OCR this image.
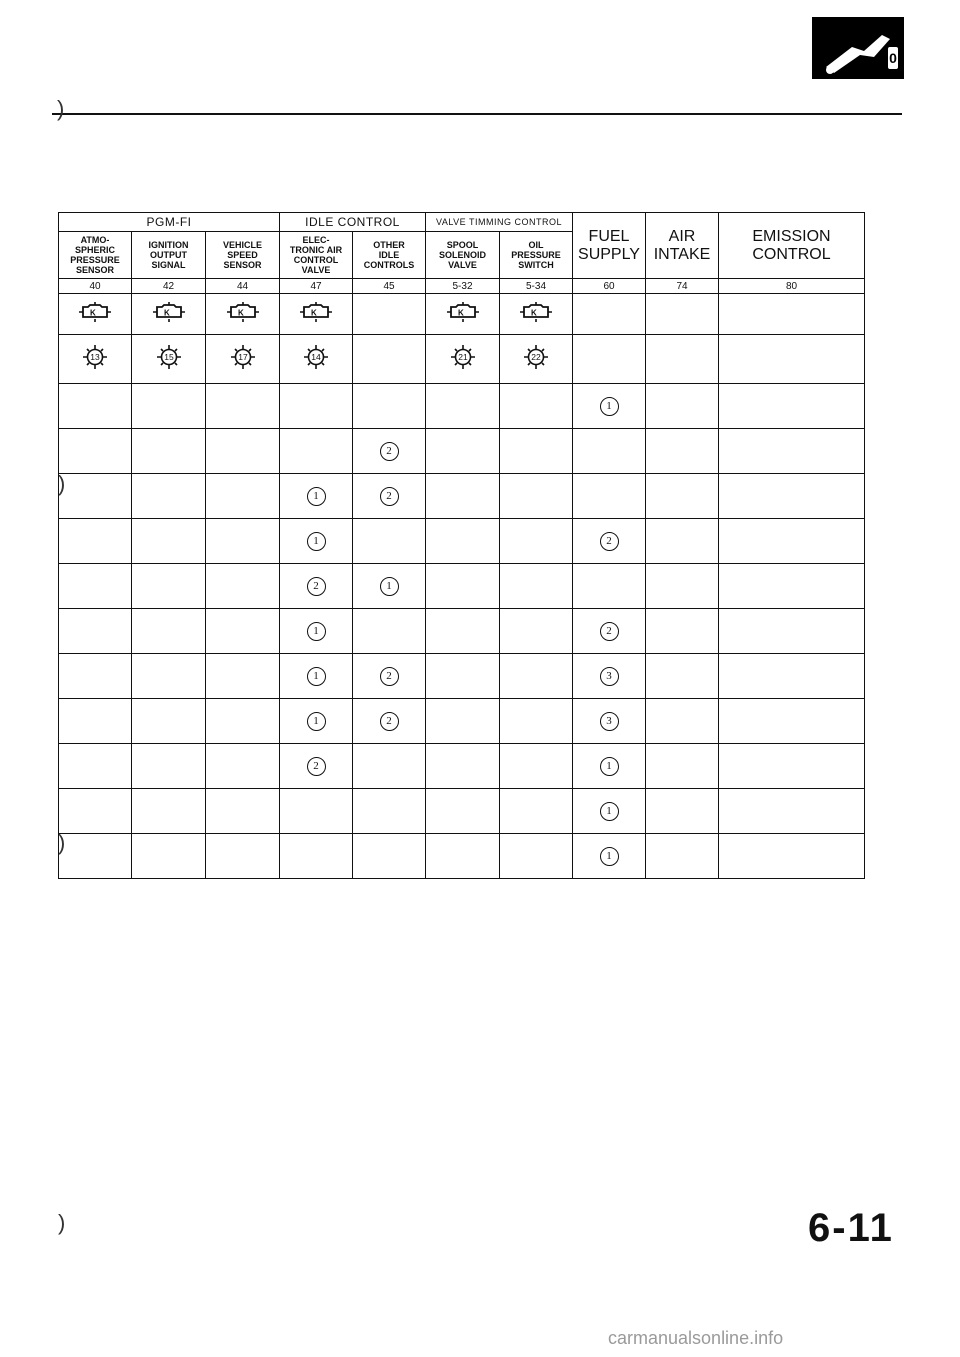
0
)
)
)
)
PGM-FI			IDLE CONTROL		VALVE TIMMING CONTROL		FUEL SUPPLY	AIR INTAKE	EMISSION CONTROL
ATMO-
SPHERIC
PRESSURE
SENSOR	IGNITION
OUTPUT
SIGNAL	VEHICLE
SPEED
SENSOR	ELEC-
TRONIC AIR
CONTROL
VALVE	OTHER
IDLE
CONTROLS	SPOOL
SOLENOID
VALVE	OIL
PRESSURE
SWITCH			
40	42	44	47	45	5-32	5-34	60	74	80

K	K	K	K		K	K			

13	15	17	14		21	22			

							1		
				2					
			1	2					
			1				2		
			2	1					
			1				2		
			1	2			3		
			1	2			3		
			2				1		
							1		
							1		
6-11
carmanualsonline.info
